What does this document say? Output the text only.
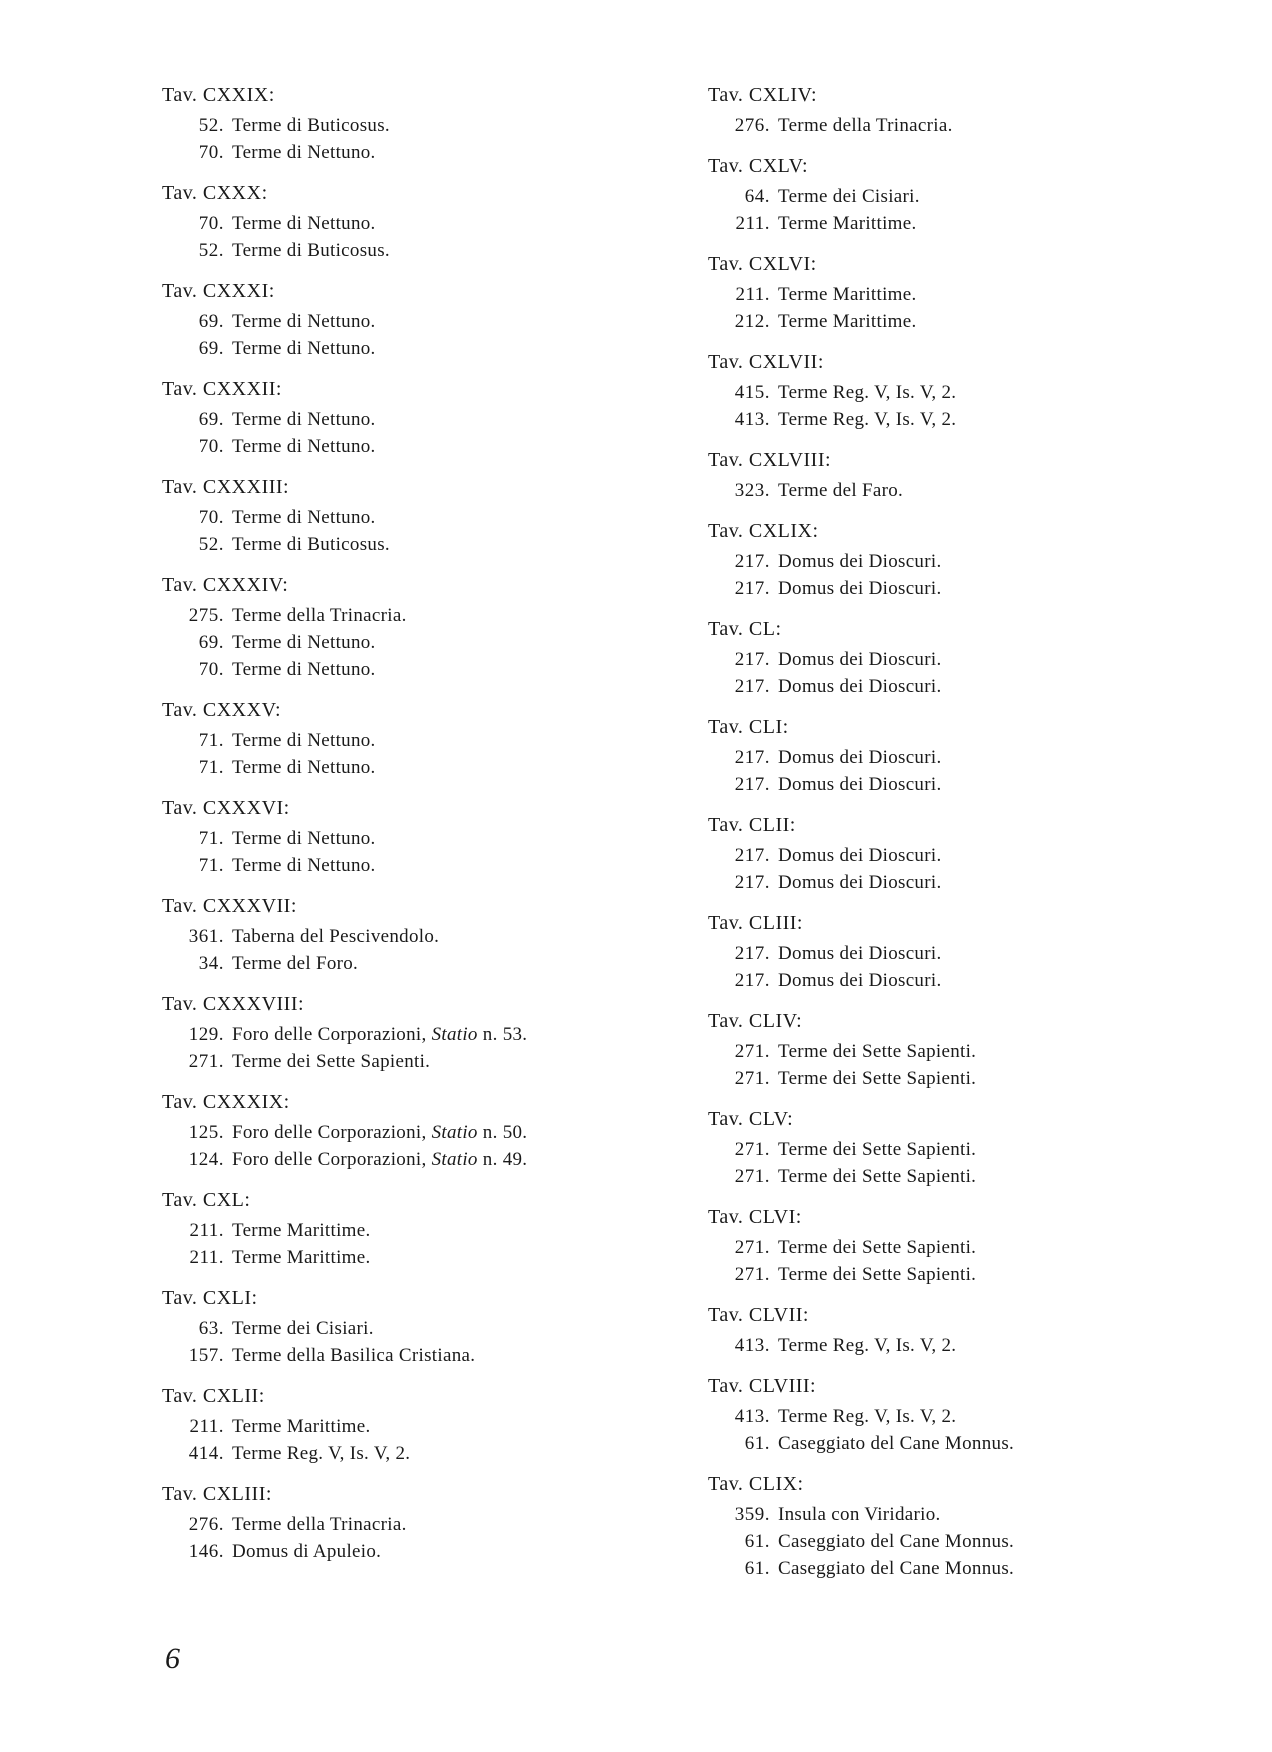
Tav. CXXIX:
52. Terme di Buticosus.
70. Terme di Nettuno.
Tav. CXXX:
70. Terme di Nettuno.
52. Terme di Buticosus.
Tav. CXXXI:
69. Terme di Nettuno.
69. Terme di Nettuno.
Tav. CXXXII:
69. Terme di Nettuno.
70. Terme di Nettuno.
Tav. CXXXIII:
70. Terme di Nettuno.
52. Terme di Buticosus.
Tav. CXXXIV:
275. Terme della Trinacria.
69. Terme di Nettuno.
70. Terme di Nettuno.
Tav. CXXXV:
71. Terme di Nettuno.
71. Terme di Nettuno.
Tav. CXXXVI:
71. Terme di Nettuno.
71. Terme di Nettuno.
Tav. CXXXVII:
361. Taberna del Pescivendolo.
34. Terme del Foro.
Tav. CXXXVIII:
129. Foro delle Corporazioni, Statio n. 53.
271. Terme dei Sette Sapienti.
Tav. CXXXIX:
125. Foro delle Corporazioni, Statio n. 50.
124. Foro delle Corporazioni, Statio n. 49.
Tav. CXL:
211. Terme Marittime.
211. Terme Marittime.
Tav. CXLI:
63. Terme dei Cisiari.
157. Terme della Basilica Cristiana.
Tav. CXLII:
211. Terme Marittime.
414. Terme Reg. V, Is. V, 2.
Tav. CXLIII:
276. Terme della Trinacria.
146. Domus di Apuleio.
Tav. CXLIV:
276. Terme della Trinacria.
Tav. CXLV:
64. Terme dei Cisiari.
211. Terme Marittime.
Tav. CXLVI:
211. Terme Marittime.
212. Terme Marittime.
Tav. CXLVII:
415. Terme Reg. V, Is. V, 2.
413. Terme Reg. V, Is. V, 2.
Tav. CXLVIII:
323. Terme del Faro.
Tav. CXLIX:
217. Domus dei Dioscuri.
217. Domus dei Dioscuri.
Tav. CL:
217. Domus dei Dioscuri.
217. Domus dei Dioscuri.
Tav. CLI:
217. Domus dei Dioscuri.
217. Domus dei Dioscuri.
Tav. CLII:
217. Domus dei Dioscuri.
217. Domus dei Dioscuri.
Tav. CLIII:
217. Domus dei Dioscuri.
217. Domus dei Dioscuri.
Tav. CLIV:
271. Terme dei Sette Sapienti.
271. Terme dei Sette Sapienti.
Tav. CLV:
271. Terme dei Sette Sapienti.
271. Terme dei Sette Sapienti.
Tav. CLVI:
271. Terme dei Sette Sapienti.
271. Terme dei Sette Sapienti.
Tav. CLVII:
413. Terme Reg. V, Is. V, 2.
Tav. CLVIII:
413. Terme Reg. V, Is. V, 2.
61. Caseggiato del Cane Monnus.
Tav. CLIX:
359. Insula con Viridario.
61. Caseggiato del Cane Monnus.
61. Caseggiato del Cane Monnus.
6
